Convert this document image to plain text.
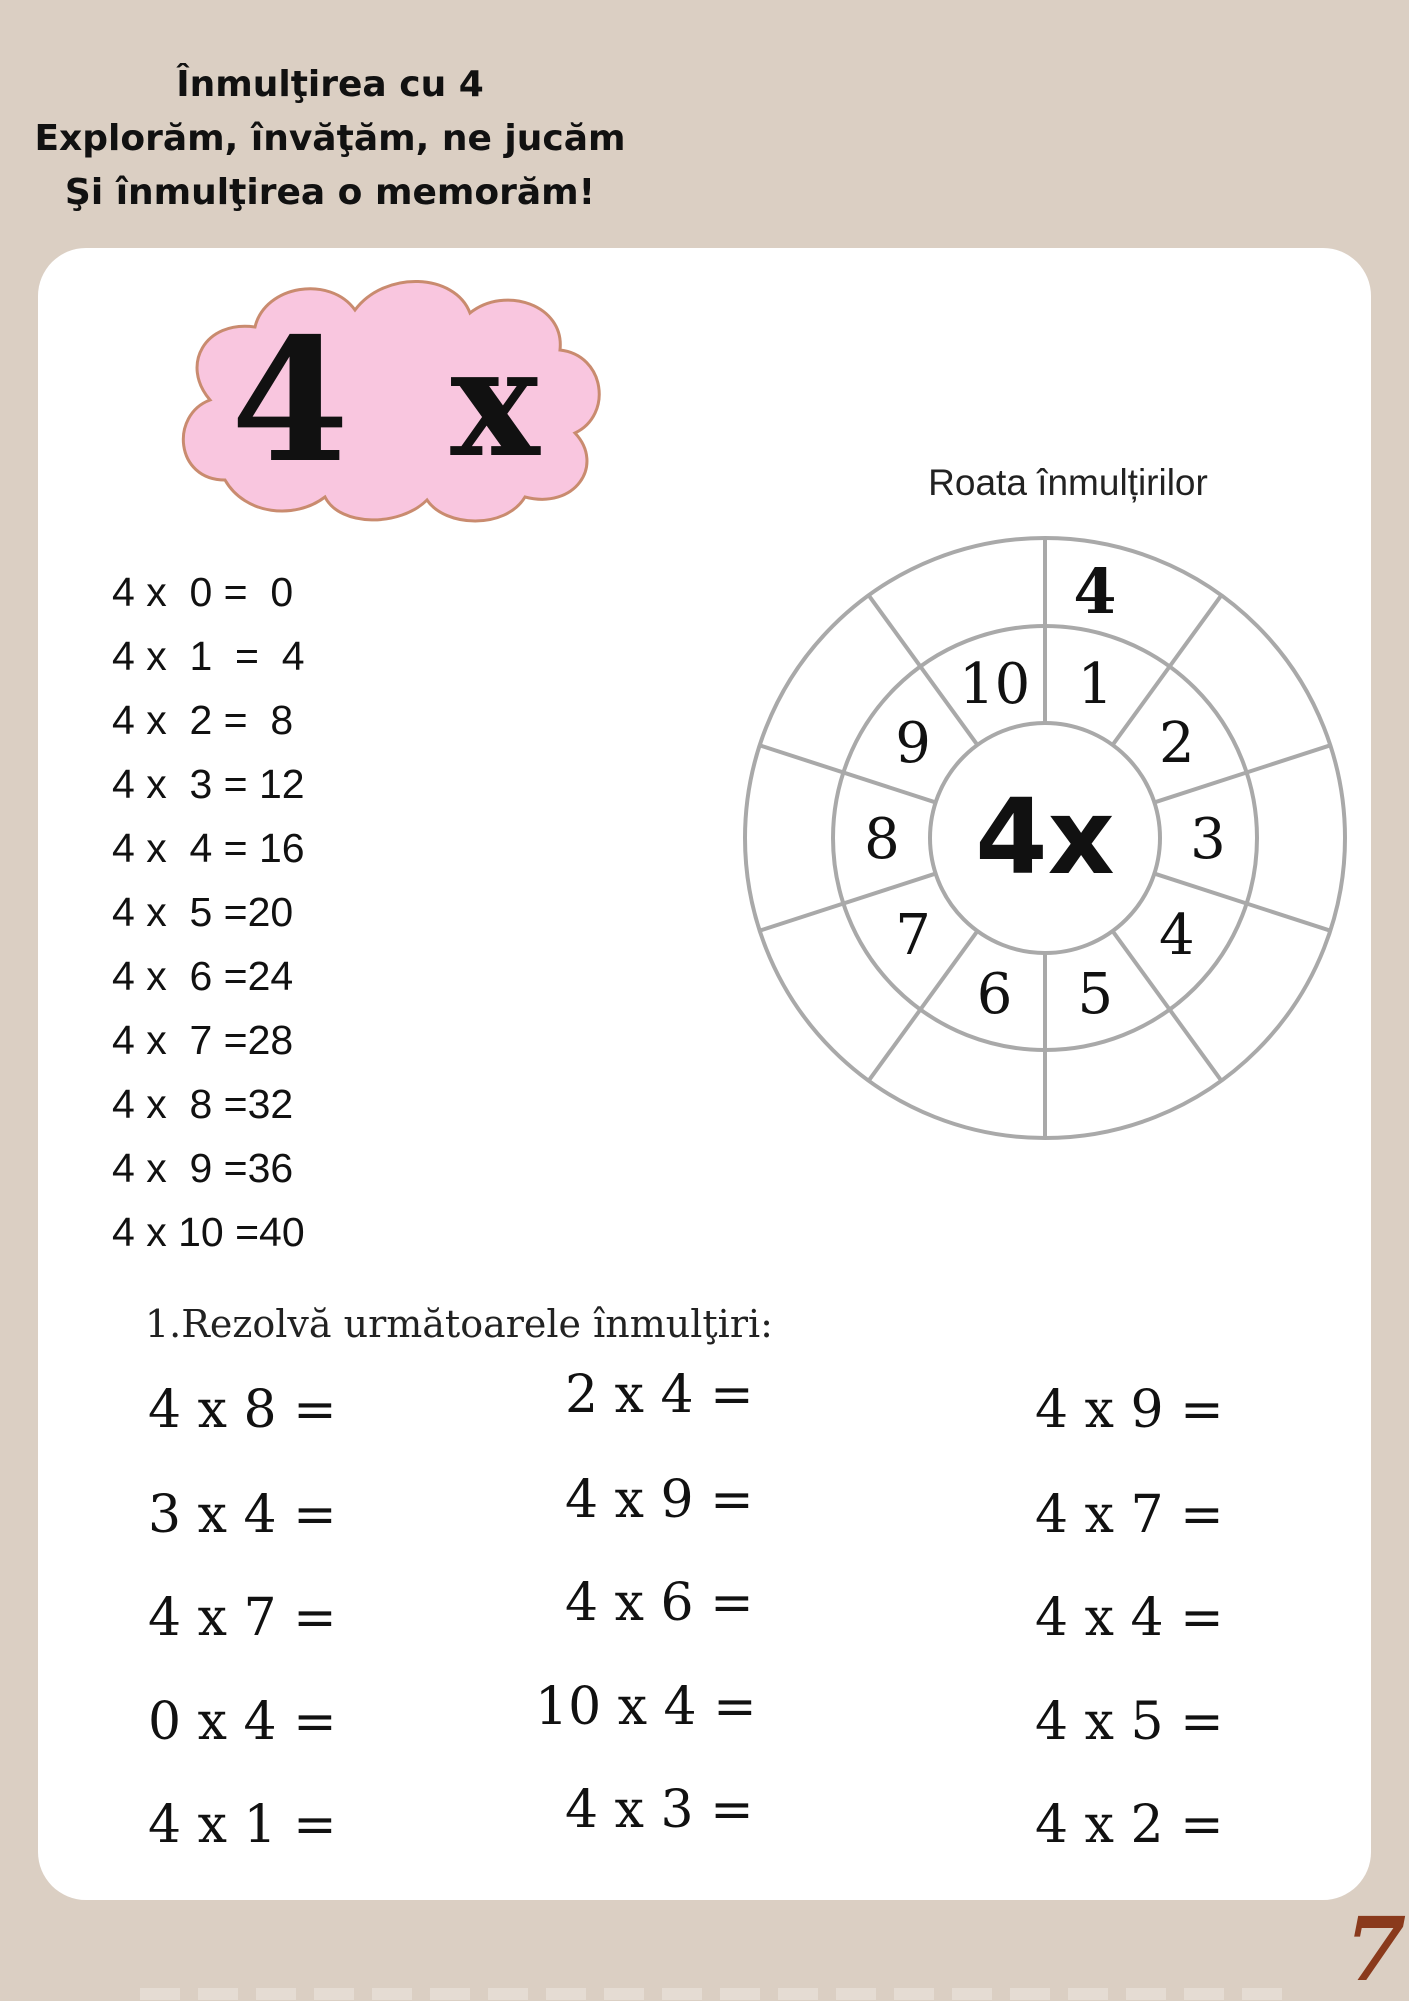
Înmulţirea cu 4
Explorăm, învăţăm, ne jucăm
Şi înmulţirea o memorăm!
4 x	Roata înmulțirilor
1
2
3
4
5
6
7
8
9
10
4
4x
4 x  0 =  0
4 x  1  =  4
4 x  2 =  8
4 x  3 = 12
4 x  4 = 16
4 x  5 =20
4 x  6 =24
4 x  7 =28
4 x  8 =32
4 x  9 =36
4 x 10 =40
1.Rezolvă următoarele înmulţiri:
4 x 8 =
3 x 4 =
4 x 7 =
0 x 4 =
4 x 1 =
2 x 4 =
4 x 9 =
4 x 6 =
10 x 4 =
4 x 3 =
4 x 9 =
4 x 7 =
4 x 4 =
4 x 5 =
4 x 2 =
7
